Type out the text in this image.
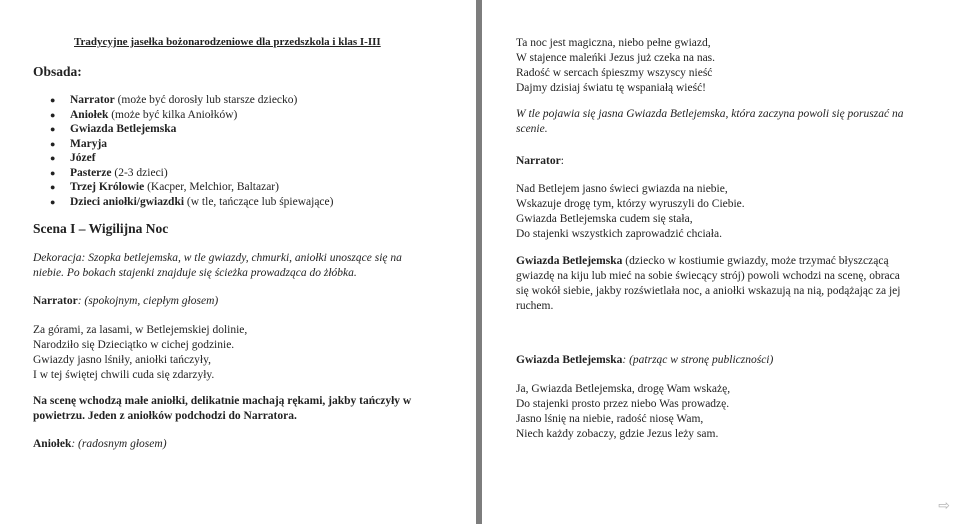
Tradycyjne jasełka bożonarodzeniowe dla przedszkola i klas I-III

Obsada:

● Narrator (może być dorosły lub starsze dziecko)
● Aniołek (może być kilka Aniołków)
● Gwiazda Betlejemska
● Maryja
● Józef
● Pasterze (2-3 dzieci)
● Trzej Królowie (Kacper, Melchior, Baltazar)
● Dzieci aniołki/gwiazdki (w tle, tańczące lub śpiewające)

Scena I – Wigilijna Noc

Dekoracja: Szopka betlejemska, w tle gwiazdy, chmurki, aniołki unoszące się na
niebie. Po bokach stajenki znajduje się ścieżka prowadząca do żłóbka.

Narrator: (spokojnym, ciepłym głosem)

Za górami, za lasami, w Betlejemskiej dolinie,
Narodziło się Dzieciątko w cichej godzinie.
Gwiazdy jasno lśniły, aniołki tańczyły,
I w tej świętej chwili cuda się zdarzyły.

Na scenę wchodzą małe aniołki, delikatnie machają rękami, jakby tańczyły w
powietrzu. Jeden z aniołków podchodzi do Narratora.

Aniołek: (radosnym głosem)

Ta noc jest magiczna, niebo pełne gwiazd,
W stajence maleńki Jezus już czeka na nas.
Radość w sercach śpieszmy wszyscy nieść
Dajmy dzisiaj światu tę wspaniałą wieść!

W tle pojawia się jasna Gwiazda Betlejemska, która zaczyna powoli się poruszać na
scenie.

Narrator:

Nad Betlejem jasno świeci gwiazda na niebie,
Wskazuje drogę tym, którzy wyruszyli do Ciebie.
Gwiazda Betlejemska cudem się stała,
Do stajenki wszystkich zaprowadzić chciała.

Gwiazda Betlejemska (dziecko w kostiumie gwiazdy, może trzymać błyszczącą
gwiazdę na kiju lub mieć na sobie świecący strój) powoli wchodzi na scenę, obraca
się wokół siebie, jakby rozświetlała noc, a aniołki wskazują na nią, podążając za jej
ruchem.

Gwiazda Betlejemska: (patrząc w stronę publiczności)

Ja, Gwiazda Betlejemska, drogę Wam wskażę,
Do stajenki prosto przez niebo Was prowadzę.
Jasno lśnię na niebie, radość niosę Wam,
Niech każdy zobaczy, gdzie Jezus leży sam.

⇨
